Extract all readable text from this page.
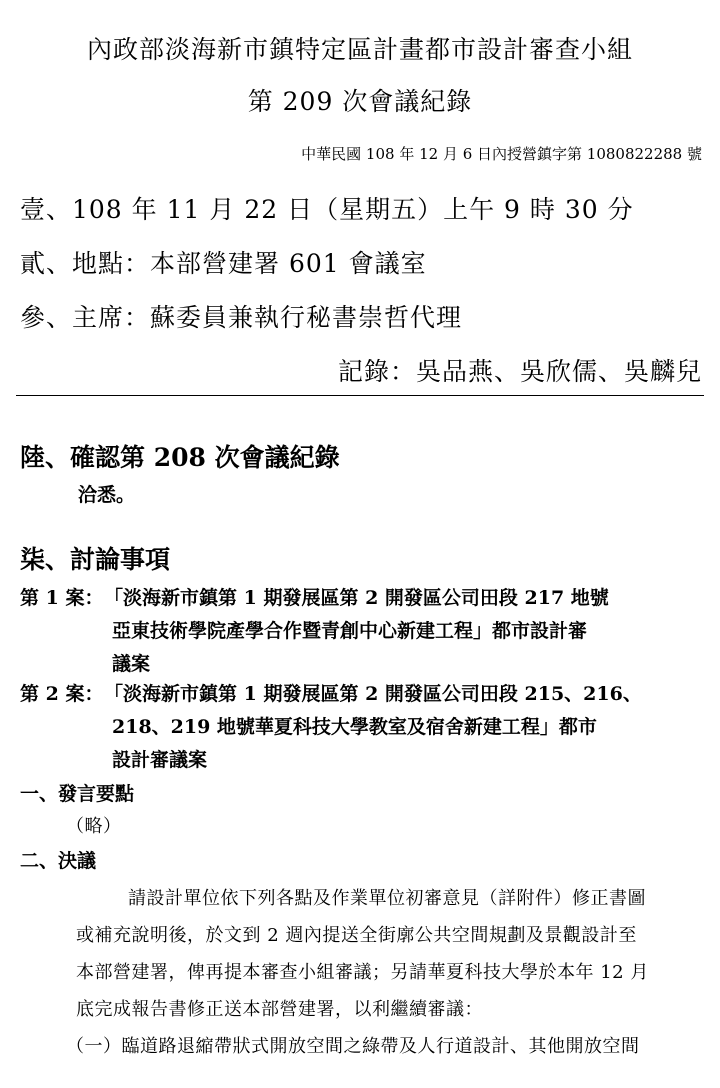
內政部淡海新市鎮特定區計畫都市設計審查小組
第 209 次會議紀錄
中華民國 108 年 12 月 6 日內授營鎮字第 1080822288 號
壹、108 年 11 月 22 日（星期五）上午 9 時 30 分
貳、地點：本部營建署 601 會議室
參、主席：蘇委員兼執行秘書崇哲代理
記錄：吳品燕、吳欣儒、吳麟兒
陸、確認第 208 次會議紀錄
洽悉。
柒、討論事項
第 1 案： 「淡海新市鎮第 1 期發展區第 2 開發區公司田段 217 地號
亞東技術學院產學合作暨青創中心新建工程」都市設計審
議案
第 2 案： 「淡海新市鎮第 1 期發展區第 2 開發區公司田段 215、216、
218、219 地號華夏科技大學教室及宿舍新建工程」都市
設計審議案
一、發言要點
（略）
二、決議
請設計單位依下列各點及作業單位初審意見（詳附件）修正書圖
或補充說明後，於文到 2 週內提送全街廓公共空間規劃及景觀設計至
本部營建署，俾再提本審查小組審議；另請華夏科技大學於本年 12 月
底完成報告書修正送本部營建署，以利繼續審議：
（一）臨道路退縮帶狀式開放空間之綠帶及人行道設計、其他開放空間
